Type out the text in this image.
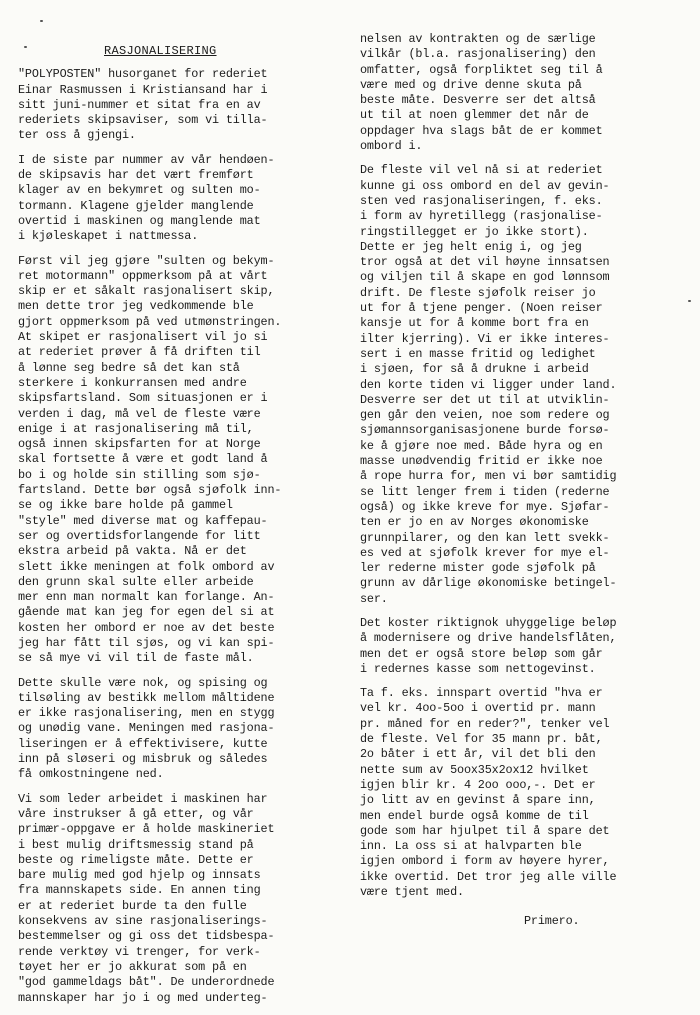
RASJONALISERING

"POLYPOSTEN" husorganet for rederiet
Einar Rasmussen i Kristiansand har i
sitt juni-nummer et sitat fra en av
rederiets skipsaviser, som vi tilla-
ter oss å gjengi.

I de siste par nummer av vår hendøen-
de skipsavis har det vært fremført
klager av en bekymret og sulten mo-
tormann. Klagene gjelder manglende
overtid i maskinen og manglende mat
i kjøleskapet i nattmessa.

Først vil jeg gjøre "sulten og bekym-
ret motormann" oppmerksom på at vårt
skip er et såkalt rasjonalisert skip,
men dette tror jeg vedkommende ble
gjort oppmerksom på ved utmønstringen.
At skipet er rasjonalisert vil jo si
at rederiet prøver å få driften til
å lønne seg bedre så det kan stå
sterkere i konkurransen med andre
skipsfartsland. Som situasjonen er i
verden i dag, må vel de fleste være
enige i at rasjonalisering må til,
også innen skipsfarten for at Norge
skal fortsette å være et godt land å
bo i og holde sin stilling som sjø-
fartsland. Dette bør også sjøfolk inn-
se og ikke bare holde på gammel
"style" med diverse mat og kaffepau-
ser og overtidsforlangende for litt
ekstra arbeid på vakta. Nå er det
slett ikke meningen at folk ombord av
den grunn skal sulte eller arbeide
mer enn man normalt kan forlange. An-
gående mat kan jeg for egen del si at
kosten her ombord er noe av det beste
jeg har fått til sjøs, og vi kan spi-
se så mye vi vil til de faste mål.

Dette skulle være nok, og spising og
tilsøling av bestikk mellom måltidene
er ikke rasjonalisering, men en stygg
og unødig vane. Meningen med rasjona-
liseringen er å effektivisere, kutte
inn på sløseri og misbruk og således
få omkostningene ned.

Vi som leder arbeidet i maskinen har
våre instrukser å gå etter, og vår
primær-oppgave er å holde maskineriet
i best mulig driftsmessig stand på
beste og rimeligste måte. Dette er
bare mulig med god hjelp og innsats
fra mannskapets side. En annen ting
er at rederiet burde ta den fulle
konsekvens av sine rasjonaliserings-
bestemmelser og gi oss det tidsbespa-
rende verktøy vi trenger, for verk-
tøyet her er jo akkurat som på en
"god gammeldags båt". De underordnede
mannskaper har jo i og med underteg-

nelsen av kontrakten og de særlige
vilkår (bl.a. rasjonalisering) den
omfatter, også forpliktet seg til å
være med og drive denne skuta på
beste måte. Desverre ser det altså
ut til at noen glemmer det når de
oppdager hva slags båt de er kommet
ombord i.

De fleste vil vel nå si at rederiet
kunne gi oss ombord en del av gevin-
sten ved rasjonaliseringen, f. eks.
i form av hyretillegg (rasjonalise-
ringstillegget er jo ikke stort).
Dette er jeg helt enig i, og jeg
tror også at det vil høyne innsatsen
og viljen til å skape en god lønnsom
drift. De fleste sjøfolk reiser jo
ut for å tjene penger. (Noen reiser
kansje ut for å komme bort fra en
ilter kjerring). Vi er ikke interes-
sert i en masse fritid og ledighet
i sjøen, for så å drukne i arbeid
den korte tiden vi ligger under land.
Desverre ser det ut til at utviklin-
gen går den veien, noe som redere og
sjømannsorganisasjonene burde forsø-
ke å gjøre noe med. Både hyra og en
masse unødvendig fritid er ikke noe
å rope hurra for, men vi bør samtidig
se litt lenger frem i tiden (rederne
også) og ikke kreve for mye. Sjøfar-
ten er jo en av Norges økonomiske
grunnpilarer, og den kan lett svekk-
es ved at sjøfolk krever for mye el-
ler rederne mister gode sjøfolk på
grunn av dårlige økonomiske betingel-
ser.

Det koster riktignok uhyggelige beløp
å modernisere og drive handelsflåten,
men det er også store beløp som går
i redernes kasse som nettogevinst.

Ta f. eks. innspart overtid "hva er
vel kr. 4oo-5oo i overtid pr. mann
pr. måned for en reder?", tenker vel
de fleste. Vel for 35 mann pr. båt,
2o båter i ett år, vil det bli den
nette sum av 5oox35x2ox12 hvilket
igjen blir kr. 4 2oo ooo,-. Det er
jo litt av en gevinst å spare inn,
men endel burde også komme de til
gode som har hjulpet til å spare det
inn. La oss si at halvparten ble
igjen ombord i form av høyere hyrer,
ikke overtid. Det tror jeg alle ville
være tjent med.

Primero.
